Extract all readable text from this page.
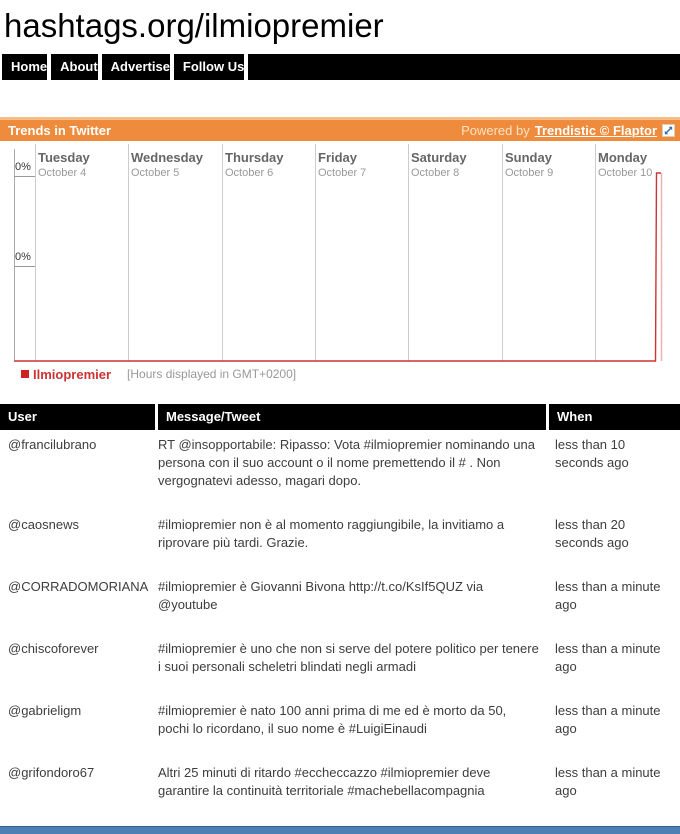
hashtags.org/ilmiopremier
Home	About	Advertise	Follow Us
Trends in Twitter	Powered by Trendistic © Flaptor
0%
0%
Tuesday
October 4
Wednesday
October 5
Thursday
October 6
Friday
October 7
Saturday
October 8
Sunday
October 9
Monday
October 10
Ilmiopremier [Hours displayed in GMT+0200]
User	Message/Tweet	When
@francilubrano	RT @insopportabile: Ripasso: Vota #ilmiopremier nominando una persona con il suo account o il nome premettendo il # . Non vergognatevi adesso, magari dopo.
less than 10 seconds ago
@caosnews	#ilmiopremier non è al momento raggiungibile, la invitiamo a riprovare più tardi. Grazie.
less than 20 seconds ago
@CORRADOMORIANA #ilmiopremier è Giovanni Bivona http://t.co/KsIf5QUZ via @youtube
less than a minute ago
@chiscoforever	#ilmiopremier è uno che non si serve del potere politico per tenere i suoi personali scheletri blindati negli armadi
less than a minute ago
@gabrieligm	#ilmiopremier è nato 100 anni prima di me ed è morto da 50, pochi lo ricordano, il suo nome è #LuigiEinaudi
less than a minute ago
@grifondoro67	Altri 25 minuti di ritardo #eccheccazzo #ilmiopremier deve garantire la continuità territoriale #machebellacompagnia
less than a minute ago
